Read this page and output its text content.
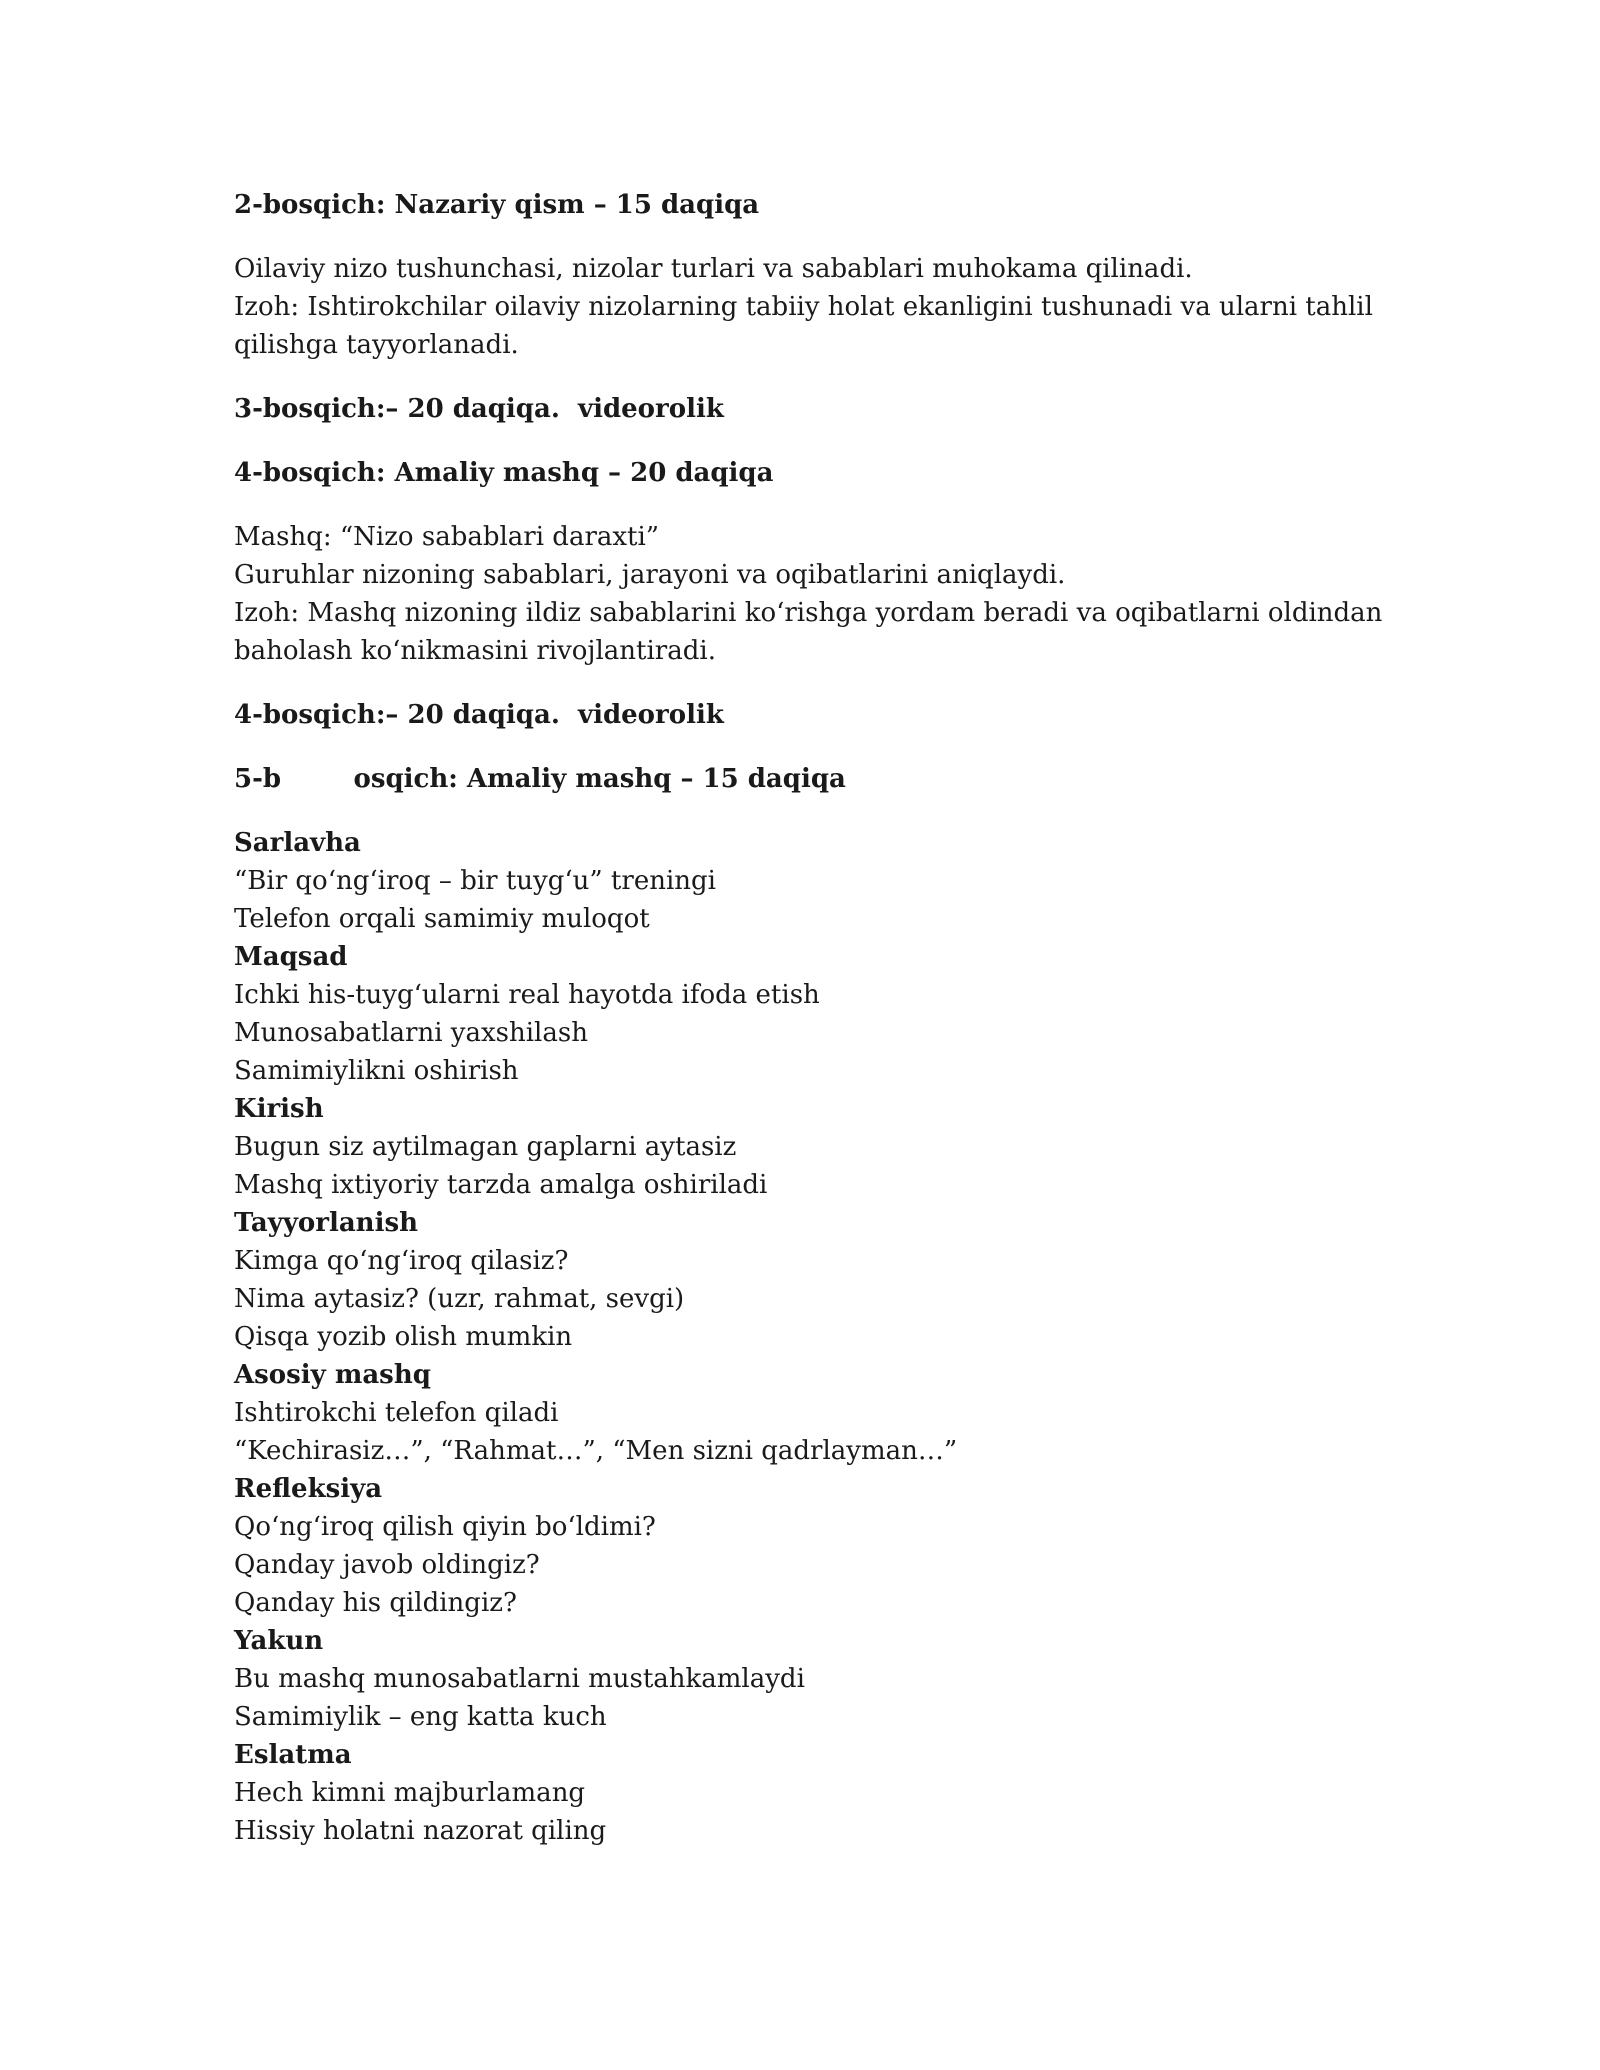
2-bosqich: Nazariy qism – 15 daqiqa

Oilaviy nizo tushunchasi, nizolar turlari va sabablari muhokama qilinadi.

Izoh: Ishtirokchilar oilaviy nizolarning tabiiy holat ekanligini tushunadi va ularni tahlil qilishga tayyorlanadi.

3-bosqich:– 20 daqiqa.  videorolik
4-bosqich: Amaliy mashq – 20 daqiqa

Mashq: “Nizo sabablari daraxti”

Guruhlar nizoning sabablari, jarayoni va oqibatlarini aniqlaydi.

Izoh: Mashq nizoning ildiz sabablarini ko‘rishga yordam beradi va oqibatlarni oldindan baholash ko‘nikmasini rivojlantiradi.

4-bosqich:– 20 daqiqa.  videorolik
5-b        osqich: Amaliy mashq – 15 daqiqa

Sarlavha

“Bir qo‘ng‘iroq – bir tuyg‘u” treningi

Telefon orqali samimiy muloqot

Maqsad

Ichki his-tuyg‘ularni real hayotda ifoda etish

Munosabatlarni yaxshilash

Samimiylikni oshirish

Kirish

Bugun siz aytilmagan gaplarni aytasiz

Mashq ixtiyoriy tarzda amalga oshiriladi

Tayyorlanish

Kimga qo‘ng‘iroq qilasiz?

Nima aytasiz? (uzr, rahmat, sevgi)

Qisqa yozib olish mumkin

Asosiy mashq

Ishtirokchi telefon qiladi

“Kechirasiz…”, “Rahmat…”, “Men sizni qadrlayman…”

Refleksiya

Qo‘ng‘iroq qilish qiyin bo‘ldimi?

Qanday javob oldingiz?

Qanday his qildingiz?

Yakun

Bu mashq munosabatlarni mustahkamlaydi

Samimiylik – eng katta kuch

Eslatma

Hech kimni majburlamang

Hissiy holatni nazorat qiling
